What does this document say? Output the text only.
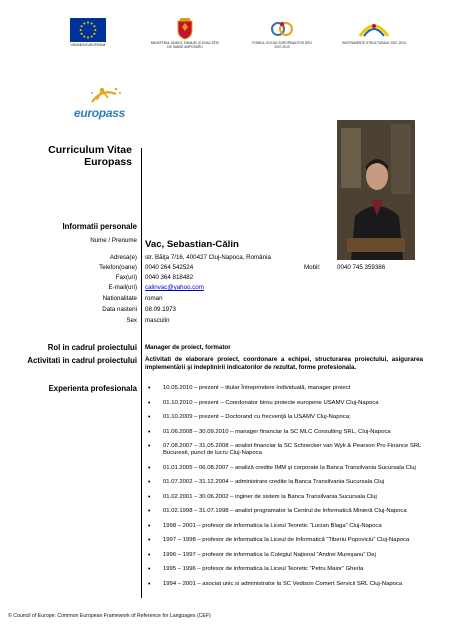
UNIUNEA EUROPEANA	MINISTERUL MUNCII, FAMILIEI ȘI EGALITĂȚII DE ȘANSE AMPOSDRU
FONDUL SOCIAL EUROPEAN POS DRU 2007-2013
INSTRUMENTE STRUCTURALE 2007-2013
europass
Curriculum Vitae
Europass
Informatii personale
Nume / Prenume Vac, Sebastian-Călin
Adresa(e) str. Băiţa 7/16, 400427 Cluj-Napoca, România
Telefon(oane) 0040 264 542524	Mobil:	0040 745 359386
Fax(uri) 0040 364 818482
E-mail(uri) calinvac@yahoo.com
Nationalitate roman
Data nasterii 08.09.1973
Sex masculin
Rol in cadrul proiectului Manager de proiect, formator
Activitati in cadrul proiectului Activitati de elaborare proiect, coordonare a echipei, structurarea proiectului, asigurarea implementării şi îndeplinirii indicatorilor de rezultat, forme profesionala.
Experienta profesionala
•	10.05.2010 – prezent – titular Întreprindere Individuală, manager proiect
• 01.10.2010 – prezent – Coordonator birou proiecte europene USAMV Cluj-Napoca
• 01.10.2009 – prezent – Doctorand cu frecvenţă la USAMV Cluj-Napoca;
• 01.06.2008 – 30.09.2010 – manager financiar la SC MLC Consulting SRL, Cluj-Napoca
• 07.08.2007 – 31.05.2008 – analist financiar la SC Schnecker van Wyk & Pearson Pro Finance SRL Bucuresti, punct de lucru Cluj-Napoca
• 01.01.2005 – 06.08.2007 – analiză credite IMM şi corporate la Banca Transilvania Sucursala Cluj
• 01.07.2002 – 31.12.2004 – administrare credite la Banca Transilvania Sucursala Cluj
• 01.02.2001 – 30.06.2002 – inginer de sistem la Banca Transilvania Sucursala Cluj
• 01.02.1998 – 31.07.1998 – analist programator la Centrul de Informatică Minieră Cluj-Napoca
• 1998 – 2001 – profesor de informatica la Liceul Teoretic “Lucian Blaga” Cluj-Napoca
• 1997 – 1998 – profesor de informatica la Liceul de Informatică “Tiberiu Popoviciu” Cluj-Napoca
• 1996 – 1997 – profesor de informatica la Colegiul Naţional “Andrei Mureşanu” Dej
• 1995 – 1996 – profesor de informatica la Liceul Teoretic “Petru Maior” Gherla
• 1994 – 2001 – asociat unic si administrator la SC Vedison Comert Servicii SRL Cluj-Napoca
© Council of Europe: Common European Framework of Reference for Languages (CEF)
